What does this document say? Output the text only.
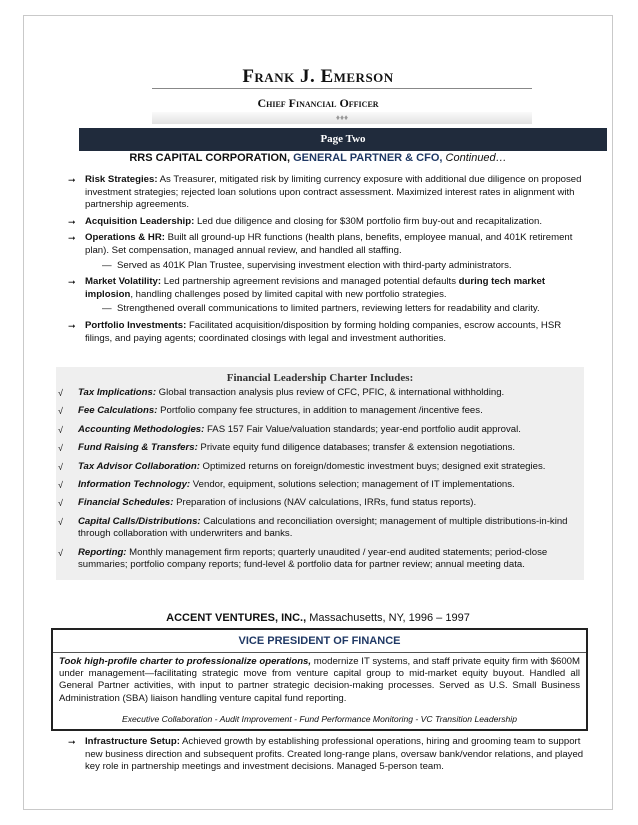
Frank J. Emerson
Chief Financial Officer
♦♦♦
Page Two
RRS CAPITAL CORPORATION, GENERAL PARTNER & CFO, Continued…
➞ Risk Strategies: As Treasurer, mitigated risk by limiting currency exposure with additional due diligence on proposed investment strategies; rejected loan solutions upon contract assessment. Maximized interest rates in alignment with partnership agreements.
➞ Acquisition Leadership: Led due diligence and closing for $30M portfolio firm buy-out and recapitalization.
➞ Operations & HR: Built all ground-up HR functions (health plans, benefits, employee manual, and 401K retirement plan). Set compensation, managed annual review, and handled all staffing.
— Served as 401K Plan Trustee, supervising investment election with third-party administrators.
➞ Market Volatility: Led partnership agreement revisions and managed potential defaults during tech market implosion, handling challenges posed by limited capital with new portfolio strategies.
— Strengthened overall communications to limited partners, reviewing letters for readability and clarity.
➞ Portfolio Investments: Facilitated acquisition/disposition by forming holding companies, escrow accounts, HSR filings, and paying agents; coordinated closings with legal and investment authorities.
Financial Leadership Charter Includes:
√ Tax Implications: Global transaction analysis plus review of CFC, PFIC, & international withholding.
√ Fee Calculations: Portfolio company fee structures, in addition to management /incentive fees.
√ Accounting Methodologies: FAS 157 Fair Value/valuation standards; year-end portfolio audit approval.
√ Fund Raising & Transfers: Private equity fund diligence databases; transfer & extension negotiations.
√ Tax Advisor Collaboration: Optimized returns on foreign/domestic investment buys; designed exit strategies.
√ Information Technology: Vendor, equipment, solutions selection; management of IT implementations.
√ Financial Schedules: Preparation of inclusions (NAV calculations, IRRs, fund status reports).
√ Capital Calls/Distributions: Calculations and reconciliation oversight; management of multiple distributions-in-kind through collaboration with underwriters and banks.
√ Reporting: Monthly management firm reports; quarterly unaudited / year-end audited statements; period-close summaries; portfolio company reports; fund-level & portfolio data for partner review; annual meeting data.
ACCENT VENTURES, INC., Massachusetts, NY, 1996 – 1997
VICE PRESIDENT OF FINANCE
Took high-profile charter to professionalize operations, modernize IT systems, and staff private equity firm with $600M under management—facilitating strategic move from venture capital group to mid-market equity buyout. Handled all General Partner activities, with input to partner strategic decision-making processes. Served as U.S. Small Business Administration (SBA) liaison handling venture capital fund reporting.
Executive Collaboration - Audit Improvement - Fund Performance Monitoring - VC Transition Leadership
➞ Infrastructure Setup: Achieved growth by establishing professional operations, hiring and grooming team to support new business direction and subsequent profits. Created long-range plans, oversaw bank/vendor relations, and played key role in partnership meetings and investment decisions. Managed 5-person team.
